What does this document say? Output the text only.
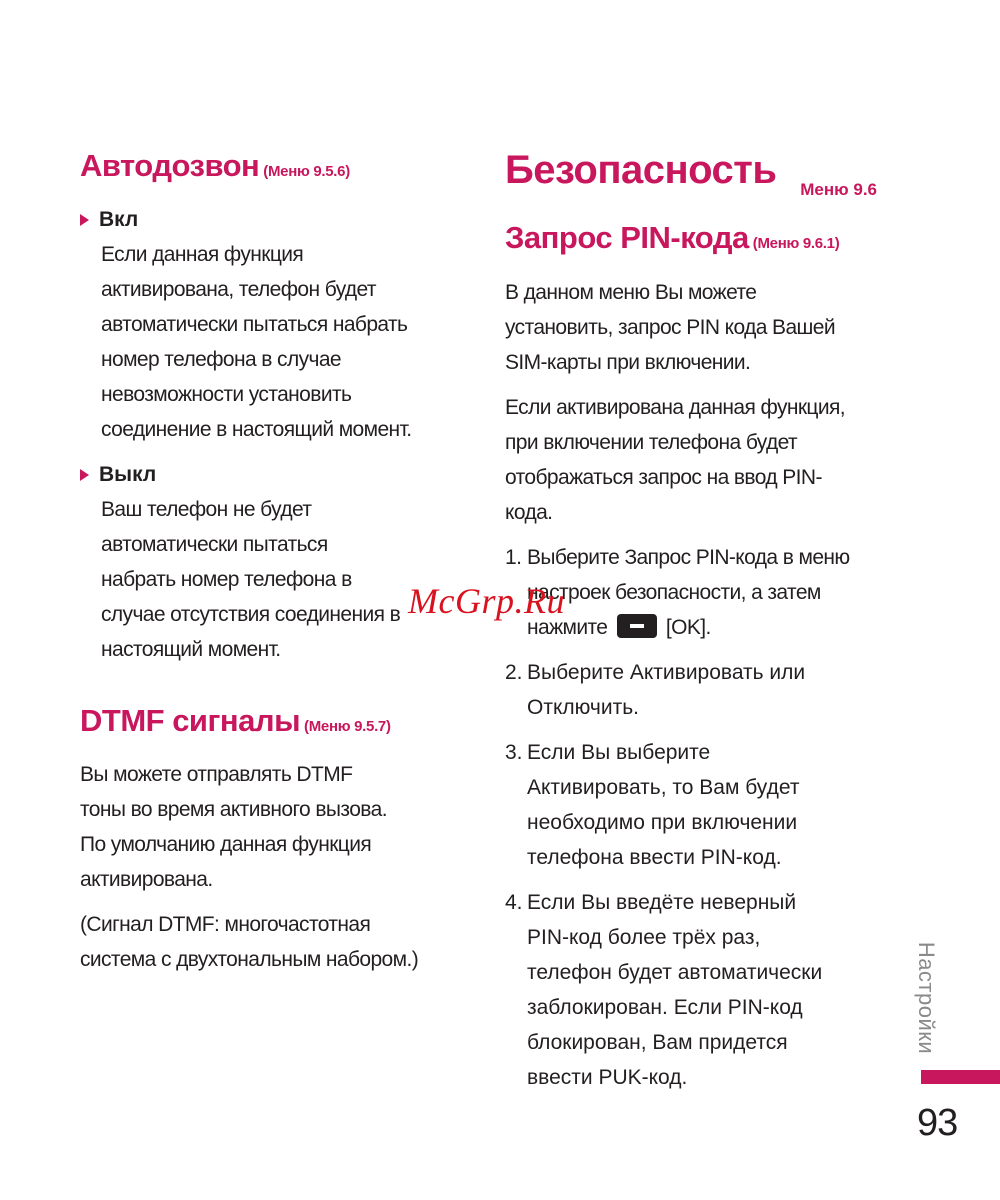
Автодозвон (Меню 9.5.6)

Вкл

Если данная функция

активирована, телефон будет

автоматически пытаться набрать

номер телефона в случае

невозможности установить

соединение в настоящий момент.

Выкл

Ваш телефон не будет

автоматически пытаться

набрать номер телефона в

случае отсутствия соединения в

настоящий момент.

DTMF сигналы (Меню 9.5.7)

Вы можете отправлять DTMF

тоны во время активного вызова.

По умолчанию данная функция

активирована.

(Сигнал DTMF: многочастотная

система с двухтональным набором.)

Безопасность Меню 9.6
Запрос PIN-кода (Меню 9.6.1)

В данном меню Вы можете

установить, запрос PIN кода Вашей

SIM-карты при включении.

Если активирована данная функция,

при включении телефона будет

отображаться запрос на ввод PIN-

кода.

1. Выберите Запрос PIN-кода в меню

настроек безопасности, а затем

нажмите	[OK].

2. Выберите Активировать или

Отключить.

3. Если Вы выберите

Активировать, то Вам будет

необходимо при включении

телефона ввести PIN-код.

4. Если Вы введёте неверный

PIN-код более трёх раз,

телефон будет автоматически

заблокирован. Если PIN-код

блокирован, Вам придется

ввести PUK-код.

Настройки
93
McGrp.Ru
